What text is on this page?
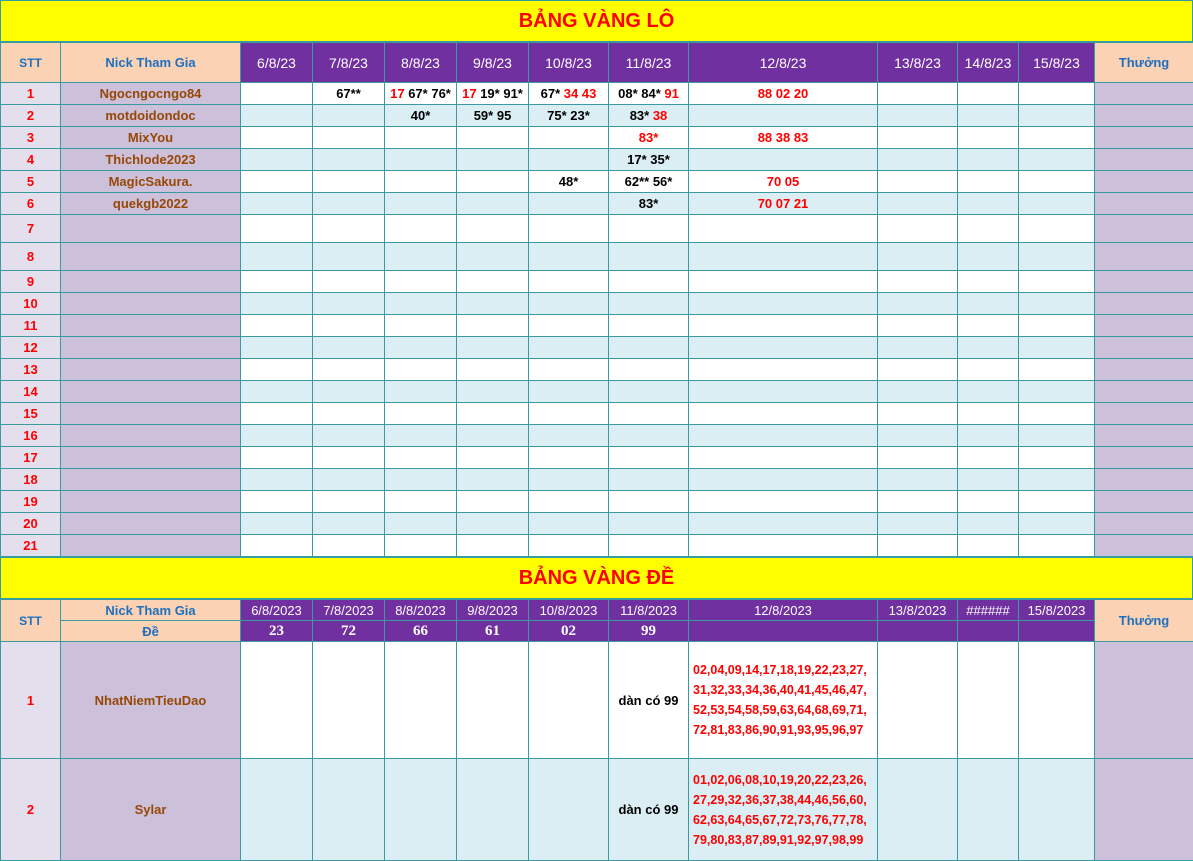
BẢNG VÀNG LÔ
STT	Nick Tham Gia	6/8/23	7/8/23	8/8/23	9/8/23	10/8/23	11/8/23	12/8/23	13/8/23	14/8/23	15/8/23	Thưởng
1	Ngocngocngo84		67**	17 67* 76*	17 19* 91*	67* 34 43	08* 84* 91	88 02 20				
2	motdoidondoc			40*	59* 95	75* 23*	83* 38					
3	MixYou						83*	88 38 83				
4	Thichlode2023						17* 35*					
5	MagicSakura.					48*	62** 56*	70 05				
6	quekgb2022						83*	70 07 21				
7												
8												
9												
10												
11												
12												
13												
14												
15												
16												
17												
18												
19												
20												
21												
BẢNG VÀNG ĐỀ
STT	Nick Tham Gia	6/8/2023	7/8/2023	8/8/2023	9/8/2023	10/8/2023	11/8/2023	12/8/2023	13/8/2023	######	15/8/2023	Thưởng
	Đề	23	72	66	61	02	99					
1	NhatNiemTieuDao						dàn có 99	02,04,09,14,17,18,19,22,23,27,
31,32,33,34,36,40,41,45,46,47,
52,53,54,58,59,63,64,68,69,71,
72,81,83,86,90,91,93,95,96,97				

2	Sylar						dàn có 99	01,02,06,08,10,19,20,22,23,26,
27,29,32,36,37,38,44,46,56,60,
62,63,64,65,67,72,73,76,77,78,
79,80,83,87,89,91,92,97,98,99				
